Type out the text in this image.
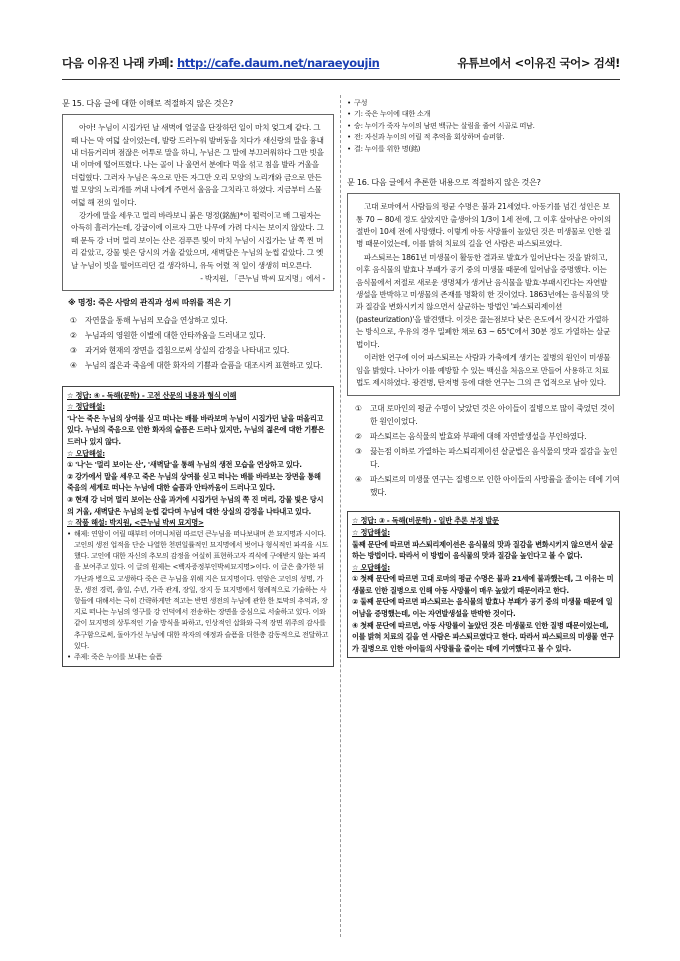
다음 이유진 나래 카페: http://cafe.daum.net/naraeyoujin	유튜브에서 <이유진 국어> 검색!
문 15. 다음 글에 대한 이해로 적절하지 않은 것은?

아아! 누님이 시집가던 날 새벽에 얼굴을 단장하던 일이 마치 엊그제 같다. 그때 나는 막 여덟 살이었는데, 발랑 드러누워 발버둥을 치다가 새신랑의 말을 흉내 내 더듬거리며 점잖은 어투로 말을 하니, 누님은 그 말에 부끄러워하다 그만 빗을 내 이마에 떨어뜨렸다. 나는 골이 나 울면서 분에다 먹을 섞고 침을 발라 거울을 더럽혔다. 그러자 누님은 옥으로 만든 자그만 오리 모양의 노리개와 금으로 만든 벌 모양의 노리개를 꺼내 나에게 주면서 울음을 그치라고 하였다. 지금부터 스물여덟 해 전의 일이다.

강가에 말을 세우고 멀리 바라보니 붉은 명정(銘旌)*이 펄럭이고 배 그림자는 아득히 흘러가는데, 강굽이에 이르자 그만 나무에 가려 다시는 보이지 않았다. 그때 문득 강 너머 멀리 보이는 산은 검푸른 빛이 마치 누님이 시집가는 날 쪽 찐 머리 같았고, 강물 빛은 당시의 거울 같았으며, 새벽달은 누님의 눈썹 같았다. 그 옛날 누님이 빗을 떨어뜨리던 걸 생각하니, 유독 어렸 적 일이 생생히 떠오른다.

- 박지원, 「큰누님 박씨 묘지명」에서 -
※ 명정: 죽은 사람의 관직과 성씨 따위를 적은 기
① 자연물을 통해 누님의 모습을 연상하고 있다.
② 누님과의 영원한 이별에 대한 안타까움을 드러내고 있다.
③ 과거와 현재의 장면을 겹침으로써 상실의 감정을 나타내고 있다.
④ 누님의 젊은과 죽음에 대한 화자의 기쁨과 슬픔을 대조시켜 표현하고 있다.
☆ 정답: ④ - 독해(문학) - 고전 산문의 내용과 형식 이해
☆ 정답해설:
'나'는 죽은 누님의 상여를 싣고 떠나는 배를 바라보며 누님이 시집가던 날을 떠올리고 있다. 누님의 죽음으로 인한 화자의 슬픔은 드러나 있지만, 누님의 젊은에 대한 기쁨은 드러나 있지 않다.
☆ 오답해설:
① '나'는 '멀리 보이는 산', '새벽달'을 통해 누님의 생전 모습을 연상하고 있다.
② 강가에서 말을 세우고 죽은 누님의 상여를 싣고 떠나는 배를 바라보는 장면을 통해 죽음의 세계로 떠나는 누님에 대한 슬픔과 안타까움이 드러나고 있다.
③ 현재 강 너머 멀리 보이는 산을 과거에 시집가던 누님의 쪽 진 머리, 강물 빛은 당시의 거울, 새벽달은 누님의 눈썹 같다며 누님에 대한 상실의 감정을 나타내고 있다.
☆ 작품 해설: 박지원, <큰누님 박씨 묘지명>
• 해제: 연암이 어릴 때부터 어머니처럼 따르던 큰누님을 떠나보내며 쓴 묘지명과 시이다. 고인의 생전 업적을 단순 나열한 천편일률적인 묘지명에서 벗어나 형식적인 파격을 시도했다. 고인에 대한 자신의 추모의 감정을 여실히 표현하고자 격식에 구애받지 않는 파격을 보여주고 있다. 이 글의 원제는 <백자증정부인박씨묘지명>이다. 이 글은 출가한 뒤 가난과 병으로 고생하다 죽은 큰 누님을 위해 지은 묘지명이다. 연암은 고인의 성명, 가문, 생전 경력, 출일, 수년, 가족 관계, 장일, 장지 등 묘지명에서 형례적으로 기술하는 사항들에 대해서는 극히 간략하게만 적고는 반면 생전의 누님에 관한 한 토막의 추억과, 장지로 떠나는 누님의 영구를 강 언덕에서 전송하는 장면을 중심으로 서술하고 있다. 이와 같이 묘지명의 상투적인 기술 방식을 파하고, 인상적인 삽화와 극적 장면 위주의 감사를 추구함으로써, 돌아가신 누님에 대한 작자의 애정과 슬픔을 더한층 감동적으로 전달하고 있다.
• 주제: 죽은 누이를 보내는 슬픔
• 구성
• 기: 죽은 누이에 대한 소개
• 승: 누이가 죽자 누이의 남편 백규는 살림을 줄여 시골로 떠남.
• 전: 자신과 누이의 어릴 적 추억을 회상하며 슬퍼함.
• 결: 누이를 위한 명(銘)
문 16. 다음 글에서 추론한 내용으로 적절하지 않은 것은?

고대 로마에서 사람들의 평균 수명은 불과 21세였다. 아동기를 넘긴 성인은 보통 70 ~ 80세 정도 살았지만 출생아의 1/3이 1세 전에, 그 이후 살아남은 아이의 절반이 10세 전에 사망했다. 이렇게 아동 사망률이 높았던 것은 미생물로 인한 질병 때문이었는데, 이를 밝혀 치료의 길을 연 사람은 파스퇴르였다.

파스퇴르는 1861년 미생물이 활동한 결과로 발효가 일어난다는 것을 밝히고, 이후 음식물의 발효나 부패가 공기 중의 미생물 때문에 일어남을 증명했다. 이는 음식물에서 저절로 새로운 생명체가 생겨난 음식물을 발효·부패시킨다는 자연발생설을 반박하고 미생물의 존재를 명확히 한 것이었다. 1863년에는 음식물의 맛과 질감을 변화시키지 않으면서 살균하는 방법인 '파스퇴리제이션(pasteurization)'을 발견했다. 이것은 끓는점보다 낮은 온도에서 장시간 가열하는 방식으로, 우유의 경우 밀폐한 채로 63 ~ 65℃에서 30분 정도 가열하는 살균법이다.

이러한 연구에 이어 파스퇴르는 사람과 가축에게 생기는 질병의 원인이 미생물임을 밝혔다. 나아가 이를 예방할 수 있는 백신을 처음으로 만들어 사용하고 치료법도 제시하였다. 광견병, 탄저병 등에 대한 연구는 그의 큰 업적으로 남아 있다.

① 고대 로마인의 평균 수명이 낮았던 것은 아이들이 질병으로 많이 죽었던 것이 한 원인이었다.
② 파스퇴르는 음식물의 발효와 부패에 대해 자연발생설을 부인하였다.
③ 끓는점 이하로 가열하는 파스퇴리제이션 살균법은 음식물의 맛과 질감을 높인다.
④ 파스퇴르의 미생물 연구는 질병으로 인한 아이들의 사망률을 줄이는 데에 기여했다.
☆ 정답: ③ - 독해(비문학) - 일반 추론 부정 발문
☆ 정답해설:
둘째 문단에 따르면 파스퇴리제이션은 음식물의 맛과 질감을 변화시키지 않으면서 살균하는 방법이다. 따라서 이 방법이 음식물의 맛과 질감을 높인다고 볼 수 없다.
☆ 오답해설:
① 첫째 문단에 따르면 고대 로마의 평균 수명은 불과 21세에 불과했는데, 그 이유는 미생물로 인한 질병으로 인해 아동 사망률이 매우 높았기 때문이라고 한다.
② 둘째 문단에 따르면 파스퇴르는 음식물의 발효나 부패가 공기 중의 미생물 때문에 일어남을 증명했는데, 이는 자연발생설을 반박한 것이다.
④ 첫째 문단에 따르면, 아동 사망률이 높았던 것은 미생물로 인한 질병 때문이었는데, 이를 밝혀 치료의 길을 연 사람은 파스퇴르였다고 한다. 따라서 파스퇴르의 미생물 연구가 질병으로 인한 아이들의 사망률을 줄이는 데에 기여했다고 볼 수 있다.
